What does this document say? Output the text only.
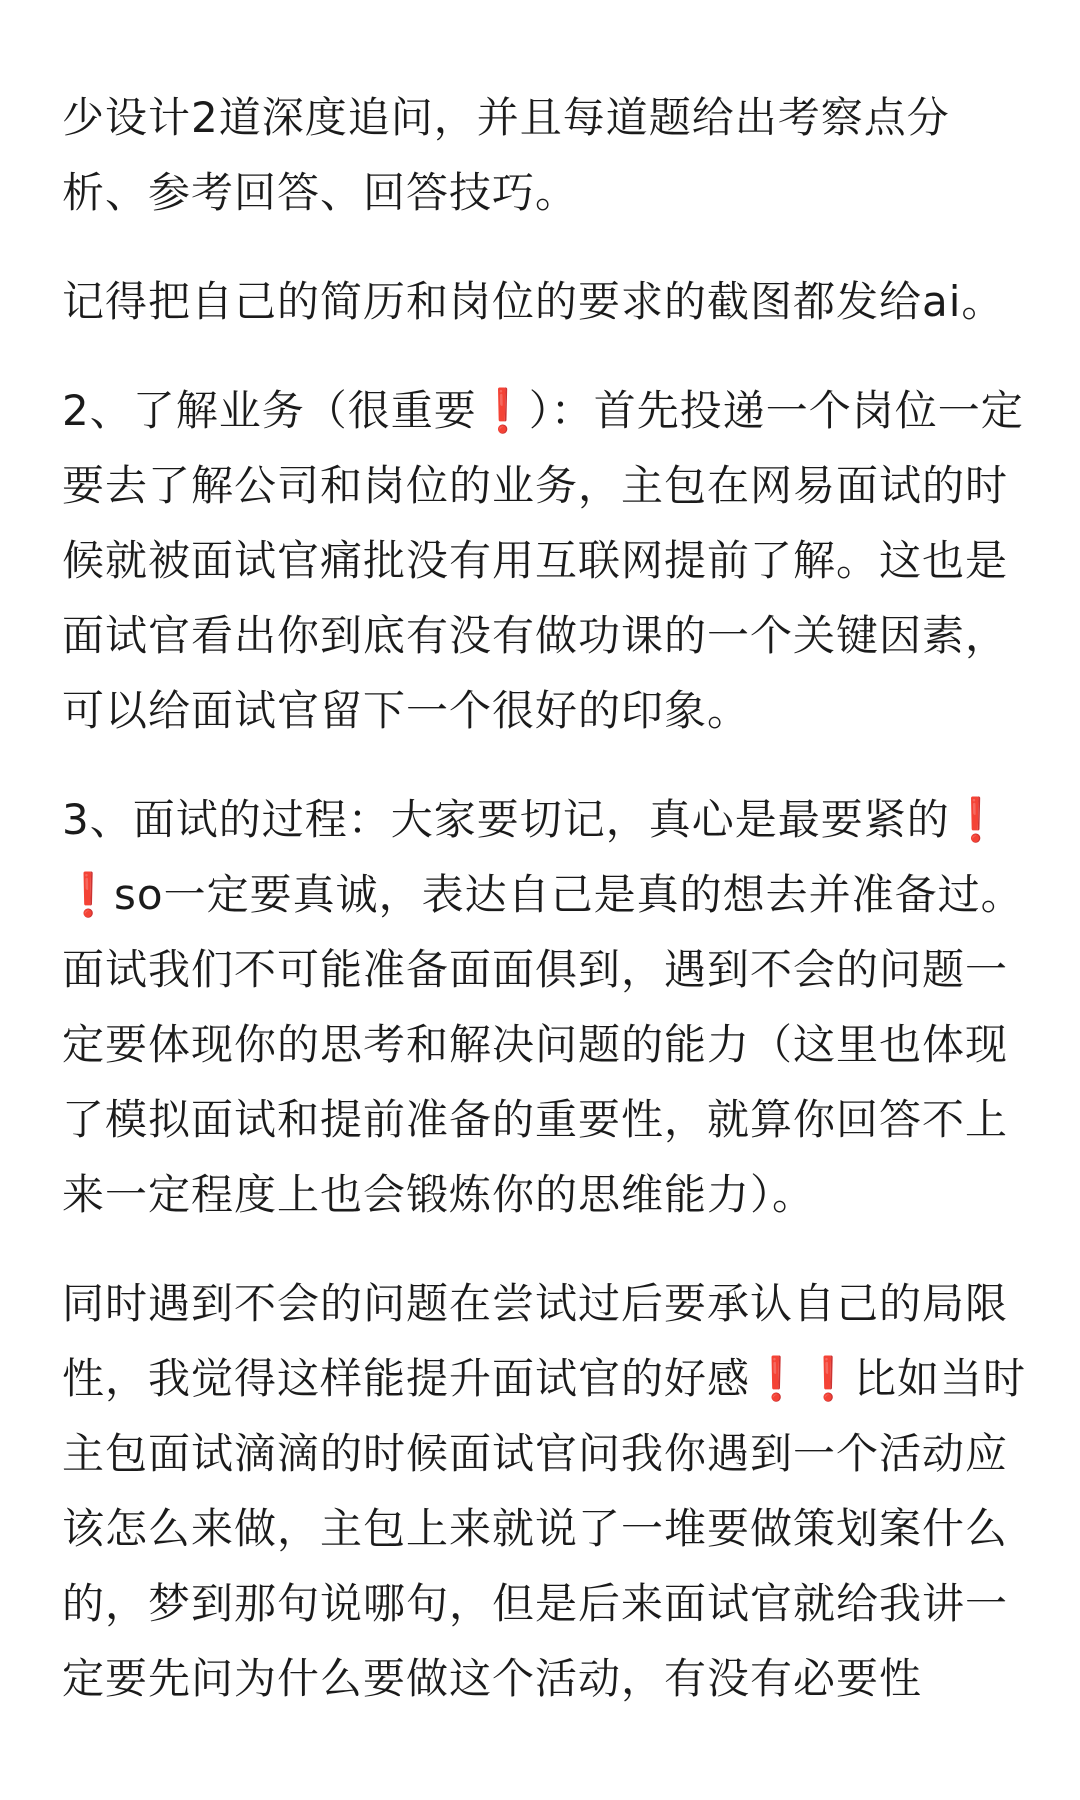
少设计2道深度追问，并且每道题给出考察点分析、参考回答、回答技巧。

记得把自己的简历和岗位的要求的截图都发给ai。

2、了解业务（很重要❗）：首先投递一个岗位一定要去了解公司和岗位的业务，主包在网易面试的时候就被面试官痛批没有用互联网提前了解。这也是面试官看出你到底有没有做功课的一个关键因素，可以给面试官留下一个很好的印象。

3、面试的过程：大家要切记，真心是最要紧的❗❗so一定要真诚，表达自己是真的想去并准备过。面试我们不可能准备面面俱到，遇到不会的问题一定要体现你的思考和解决问题的能力（这里也体现了模拟面试和提前准备的重要性，就算你回答不上来一定程度上也会锻炼你的思维能力）。

同时遇到不会的问题在尝试过后要承认自己的局限性，我觉得这样能提升面试官的好感❗❗比如当时主包面试滴滴的时候面试官问我你遇到一个活动应该怎么来做，主包上来就说了一堆要做策划案什么的，梦到那句说哪句，但是后来面试官就给我讲一定要先问为什么要做这个活动，有没有必要性
